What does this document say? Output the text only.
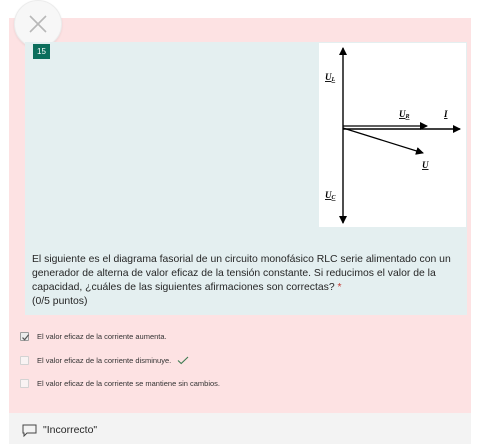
15
UL
UR	I
U
UC
El siguiente es el diagrama fasorial de un circuito monofásico RLC serie alimentado con un generador de alterna de valor eficaz de la tensión constante. Si reducimos el valor de la capacidad, ¿cuáles de las siguientes afirmaciones son correctas? *
(0/5 puntos)
El valor eficaz de la corriente aumenta.
El valor eficaz de la corriente disminuye.
El valor eficaz de la corriente se mantiene sin cambios.
"Incorrecto"
